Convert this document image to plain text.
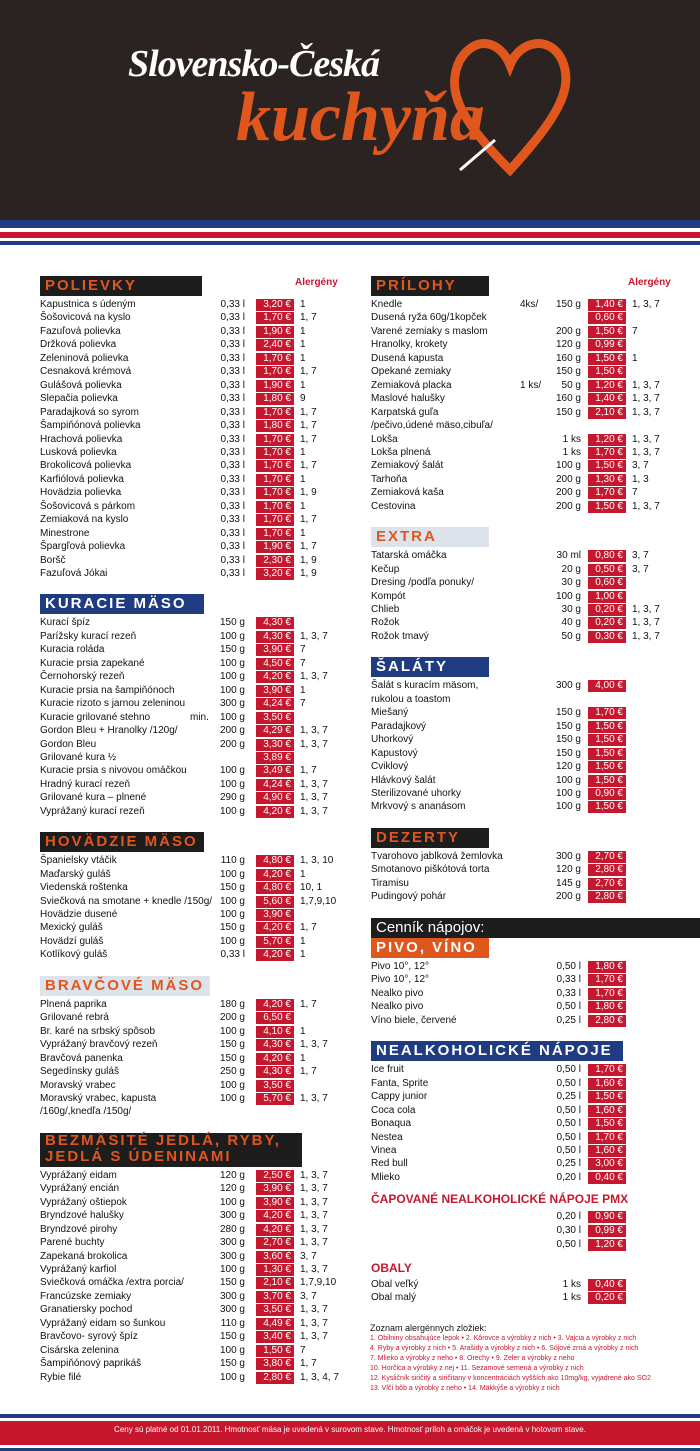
Slovensko-Česká
kuchyňa
POLIEVKY	Alergény
Kapustnica s údeným	0,33 l	3,20 € 1
Šošovicová na kyslo	0,33 l	1,70 € 1, 7
Fazuľová polievka	0,33 l	1,90 € 1
Držková polievka	0,33 l	2,40 € 1
Zeleninová polievka	0,33 l	1,70 € 1
Cesnaková krémová	0,33 l	1,70 € 1, 7
Gulášová polievka	0,33 l	1,90 € 1
Slepačia polievka	0,33 l	1,80 € 9
Paradajková so syrom	0,33 l	1,70 € 1, 7
Šampiňónová polievka	0,33 l	1,80 € 1, 7
Hrachová polievka	0,33 l	1,70 € 1, 7
Lusková polievka	0,33 l	1,70 € 1
Brokolicová polievka	0,33 l	1,70 € 1, 7
Karfiólová polievka	0,33 l	1,70 € 1
Hovädzia polievka	0,33 l	1,70 € 1, 9
Šošovicová s párkom	0,33 l	1,70 € 1
Zemiaková na kyslo	0,33 l	1,70 € 1, 7
Minestrone	0,33 l	1,70 € 1
Špargľová polievka	0,33 l	1,90 € 1, 7
Boršč	0,33 l	2,30 € 1, 9
Fazuľová Jókai	0,33 l	3,20 € 1, 9
KURACIE MÄSO
Kurací špíz	150 g	4,30 €
Parížsky kurací rezeň	100 g	4,30 € 1, 3, 7
Kuracia roláda	150 g	3,90 € 7
Kuracie prsia zapekané	100 g	4,50 € 7
Černohorský rezeň	100 g	4,20 € 1, 3, 7
Kuracie prsia na šampiňónoch	100 g	3,90 € 1
Kuracie rizoto s jarnou zeleninou	300 g	4,24 € 7
Kuracie grilované stehno	min.	100 g	3,50 €
Gordon Bleu + Hranolky /120g/	200 g	4,29 € 1, 3, 7
Gordon Bleu	200 g	3,30 € 1, 3, 7
Grilované kura ½	3,89 €
Kuracie prsia s nivovou omáčkou	100 g	3,49 € 1, 7
Hradný kurací rezeň	100 g	4,24 € 1, 3, 7
Grilované kura – plnené	290 g	4,90 € 1, 3, 7
Vyprážaný kurací rezeň	100 g	4,20 € 1, 3, 7
HOVÄDZIE MÄSO
Španielsky vtáčik	110 g	4,80 € 1, 3, 10
Maďarský guláš	100 g	4,20 € 1
Viedenská roštenka	150 g	4,80 € 10, 1
Sviečková na smotane + knedle /150g/ 100 g	5,60 € 1,7,9,10
Hovädzie dusené	100 g	3,90 €
Mexický guláš	150 g	4,20 € 1, 7
Hovädzí guláš	100 g	5,70 € 1
Kotlíkový guláš	0,33 l	4,20 € 1
BRAVČOVÉ MÄSO
Plnená paprika	180 g	4,20 € 1, 7
Grilované rebrá	200 g	6,50 €
Br. karé na srbský spôsob	100 g	4,10 € 1
Vyprážaný bravčový rezeň	150 g	4,30 € 1, 3, 7
Bravčová panenka	150 g	4,20 € 1
Segedínsky guláš	250 g	4,30 € 1, 7
Moravský vrabec	100 g	3,50 €
Moravský vrabec, kapusta	100 g	5,70 € 1, 3, 7
/160g/,knedľa /150g/
BEZMÄSITÉ JEDLÁ, RYBY,
JEDLÁ S ÚDENINAMI
Vyprážaný eidam	120 g	2,50 € 1, 3, 7
Vyprážaný encián	120 g	3,90 € 1, 3, 7
Vyprážaný oštiepok	100 g	3,90 € 1, 3, 7
Bryndzové halušky	300 g	4,20 € 1, 3, 7
Bryndzové pirohy	280 g	4,20 € 1, 3, 7
Parené buchty	300 g	2,70 € 1, 3, 7
Zapekaná brokolica	300 g	3,60 € 3, 7
Vyprážaný karfiol	100 g	1,30 € 1, 3, 7
Sviečková omáčka /extra porcia/	150 g	2,10 € 1,7,9,10
Francúzske zemiaky	300 g	3,70 € 3, 7
Granatiersky pochod	300 g	3,50 € 1, 3, 7
Vyprážaný eidam so šunkou	110 g	4,49 € 1, 3, 7
Bravčovo- syrový špíz	150 g	3,40 € 1, 3, 7
Cisárska zelenina	100 g	1,50 € 7
Šampiňónový paprikáš	150 g	3,80 € 1, 7
Rybie filé	100 g	2,80 € 1, 3, 4, 7
PRÍLOHY	Alergény
Knedle	4ks/	150 g	1,40 € 1, 3, 7
Dusená ryža 60g/1kopček	0,60 €
Varené zemiaky s maslom	200 g	1,50 € 7
Hranolky, krokety	120 g	0,99 €
Dusená kapusta	160 g	1,50 € 1
Opekané zemiaky	150 g	1,50 €
Zemiaková placka	1 ks/	50 g	1,20 € 1, 3, 7
Maslové halušky	160 g	1,40 € 1, 3, 7
Karpatská guľa	150 g	2,10 € 1, 3, 7
/pečivo,údené mäso,cibuľa/
Lokša	1 ks	1,20 € 1, 3, 7
Lokša plnená	1 ks	1,70 € 1, 3, 7
Zemiakový šalát	100 g	1,50 € 3, 7
Tarhoňa	200 g	1,30 € 1, 3
Zemiaková kaša	200 g	1,70 € 7
Cestovina	200 g	1,50 € 1, 3, 7
EXTRA
Tatarská omáčka	30 ml	0,80 € 3, 7
Kečup	20 g	0,50 € 3, 7
Dresing /podľa ponuky/	30 g	0,60 €
Kompót	100 g	1,00 €
Chlieb	30 g	0,20 € 1, 3, 7
Rožok	40 g	0,20 € 1, 3, 7
Rožok tmavý	50 g	0,30 € 1, 3, 7
ŠALÁTY
Šalát s kuracím mäsom,	300 g	4,00 €
rukolou a toastom
Miešaný	150 g	1,70 €
Paradajkový	150 g	1,50 €
Uhorkový	150 g	1,50 €
Kapustový	150 g	1,50 €
Cviklový	120 g	1,50 €
Hlávkový šalát	100 g	1,50 €
Sterilizované uhorky	100 g	0,90 €
Mrkvový s ananásom	100 g	1,50 €
DEZERTY
Tvarohovo jablková žemlovka	300 g	2,70 €
Smotanovo piškótová torta	120 g	2,80 €
Tiramisu	145 g	2,70 €
Pudingový pohár	200 g	2,80 €
Cenník nápojov:
PIVO, VÍNO
Pivo 10°, 12°	0,50 l	1,80 €
Pivo 10°, 12°	0,33 l	1,70 €
Nealko pivo	0,33 l	1,70 €
Nealko pivo	0,50 l	1,80 €
Víno biele, červené	0,25 l	2,80 €
NEALKOHOLICKÉ NÁPOJE
Ice fruit	0,50 l	1,70 €
Fanta, Sprite	0,50 l	1,60 €
Cappy junior	0,25 l	1,50 €
Coca cola	0,50 l	1,60 €
Bonaqua	0,50 l	1,50 €
Nestea	0,50 l	1,70 €
Vinea	0,50 l	1,60 €
Red bull	0,25 l	3,00 €
Mlieko	0,20 l	0,40 €
ČAPOVANÉ NEALKOHOLICKÉ NÁPOJE PMX
0,20 l	0,90 €
0,30 l	0,99 €
0,50 l	1,20 €
OBALY
Obal veľký	1 ks	0,40 €
Obal malý	1 ks	0,20 €
Zoznam alergénnych zložiek:
1. Obilniny obsahujúce lepok • 2. Kôrovce a výrobky z nich • 3. Vajcia a výrobky z nich
4. Ryby a výrobky z nich • 5. Arašidy a výrobky z nich • 6. Sójové zrná a výrobky z nich
7. Mlieko a výrobky z neho • 8. Orechy • 9. Zeler a výrobky z neho
10. Horčica a výrobky z nej • 11. Sezamové semená a výrobky z nich
12. Kysličník siričitý a siričitany v koncentráciách vyšších ako 10mg/kg, vyjadrené ako SO2
13. Vlčí bôb a výrobky z neho • 14. Mäkkýše a výrobky z nich
Ceny sú platné od 01.01.2011. Hmotnosť mäsa je uvedená v surovom stave. Hmotnosť príloh a omáčok je uvedená v hotovom stave.
